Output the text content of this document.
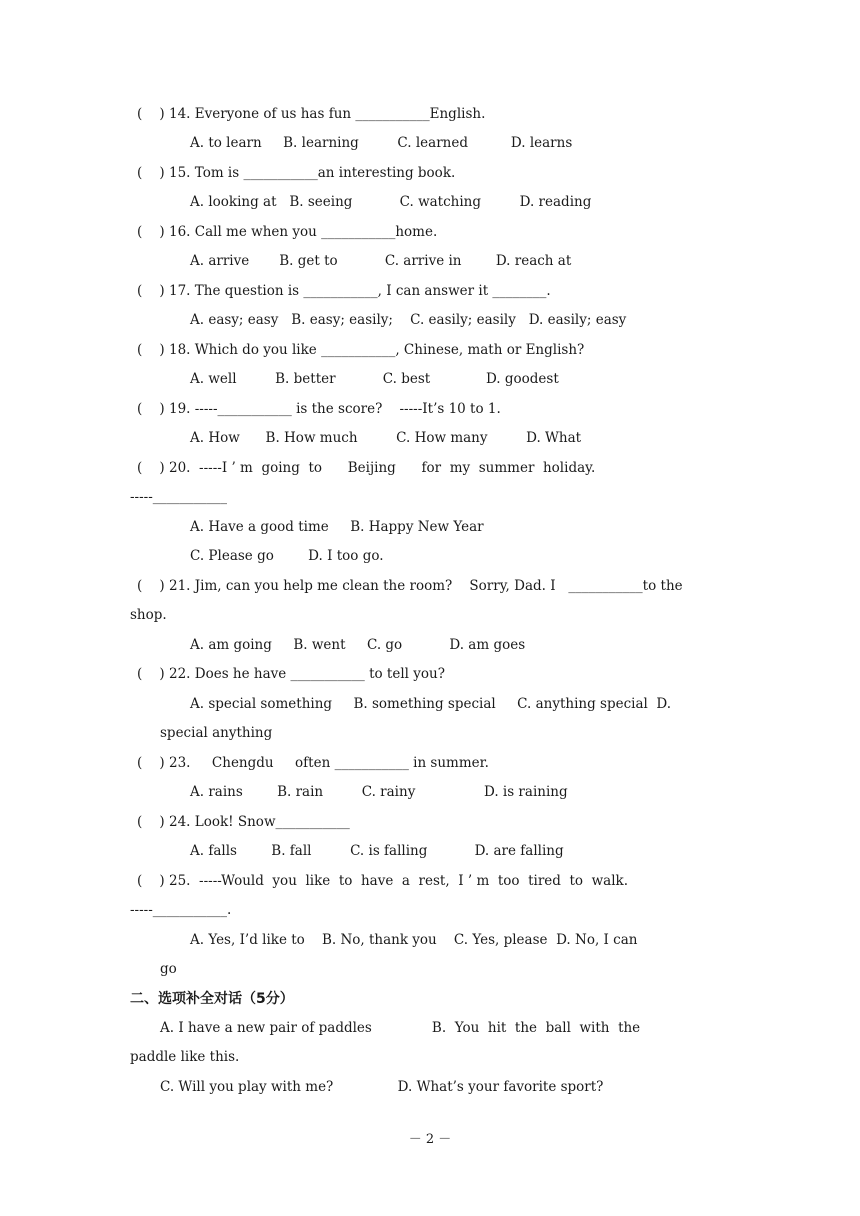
(    ) 14. Everyone of us has fun ___________English.
A. to learn     B. learning         C. learned          D. learns
(    ) 15. Tom is ___________an interesting book.
A. looking at   B. seeing           C. watching         D. reading
(    ) 16. Call me when you ___________home.
A. arrive       B. get to           C. arrive in        D. reach at
(    ) 17. The question is ___________, I can answer it ________.
A. easy; easy   B. easy; easily;    C. easily; easily   D. easily; easy
(    ) 18. Which do you like ___________, Chinese, math or English?
A. well         B. better           C. best             D. goodest
(    ) 19. -----___________ is the score?    -----It’s 10 to 1.
A. How      B. How much         C. How many         D. What
(    ) 20.  -----I ’ m  going  to      Beijing      for  my  summer  holiday.
-----___________
A. Have a good time     B. Happy New Year
C. Please go        D. I too go.
(    ) 21. Jim, can you help me clean the room?    Sorry, Dad. I   ___________to the
shop.
A. am going     B. went     C. go           D. am goes
(    ) 22. Does he have ___________ to tell you?
A. special something     B. something special     C. anything special  D.
special anything
(    ) 23.     Chengdu     often ___________ in summer.
A. rains        B. rain         C. rainy                D. is raining
(    ) 24. Look! Snow___________
A. falls        B. fall         C. is falling           D. are falling
(    ) 25.  -----Would  you  like  to  have  a  rest,  I ’ m  too  tired  to  walk.
-----___________.
A. Yes, I’d like to    B. No, thank you    C. Yes, please  D. No, I can
go
A. I have a new pair of paddles              B.  You  hit  the  ball  with  the
paddle like this.
C. Will you play with me?               D. What’s your favorite sport?
二、选项补全对话（5分）
－ 2 －
